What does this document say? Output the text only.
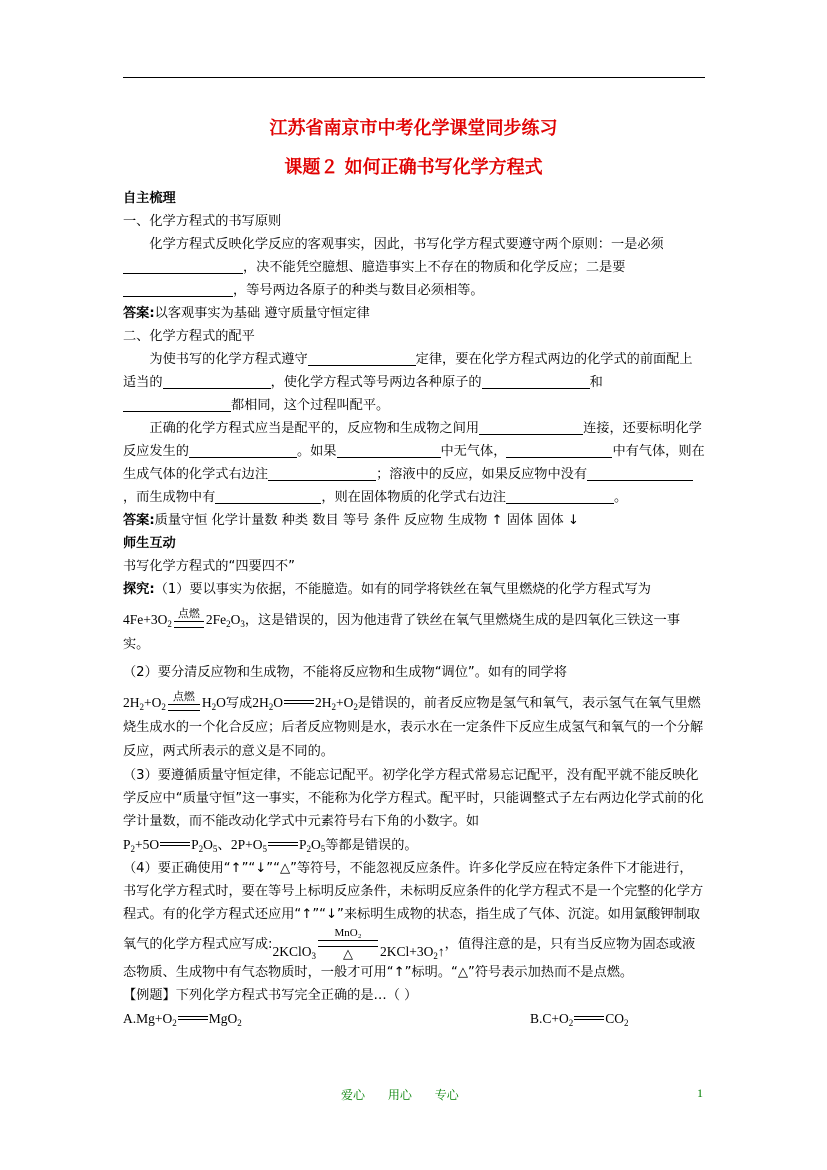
江苏省南京市中考化学课堂同步练习
课题２ 如何正确书写化学方程式

自主梳理

一、化学方程式的书写原则

化学方程式反映化学反应的客观事实，因此，书写化学方程式要遵守两个原则：一是必须，决不能凭空臆想、臆造事实上不存在的物质和化学反应；二是要，等号两边各原子的种类与数目必须相等。

答案:以客观事实为基础 遵守质量守恒定律

二、化学方程式的配平

为使书写的化学方程式遵守	定律，要在化学方程式两边的化学式的前面配上适当的	，使化学方程式等号两边各种原子的	和
都相同，这个过程叫配平。

正确的化学方程式应当是配平的，反应物和生成物之间用	连接，还要标明化学反应发生的	。如果	中无气体，	中有气体，则在生成气体的化学式右边注	；溶液中的反应，如果反应物中没有，而生成物中有	，则在固体物质的化学式右边注	。

答案:质量守恒 化学计量数 种类 数目 等号 条件 反应物 生成物 ↑ 固体 固体 ↓

师生互动

书写化学方程式的“四要四不”

探究:（1）要以事实为依据，不能臆造。如有的同学将铁丝在氧气里燃烧的化学方程式写为

$4Fe+3O_2$
点燃 $2Fe_2O_3$，这是错误的，因为他违背了铁丝在氧气里燃烧生成的是四氧化三铁这一事实。

（2）要分清反应物和生成物，不能将反应物和生成物“调位”。如有的同学将

$2H_2+O_2$
点燃 $H_2O$写成$2H_2O$ $2H_2+O_2$是错误的，前者反应物是氢气和氧气，表示氢气在氧气里燃烧生成水的一个化合反应；后者反应物则是水，表示水在一定条件下反应生成氢气和氧气的一个分解反应，两式所表示的意义是不同的。

（3）要遵循质量守恒定律，不能忘记配平。初学化学方程式常易忘记配平，没有配平就不能反映化学反应中“质量守恒”这一事实，不能称为化学方程式。配平时，只能调整式子左右两边化学式前的化学计量数，而不能改动化学式中元素符号右下角的小数字。如
$P_2+5O$ $P_2O_5$、$2P+O_5$ $P_2O_5$等都是错误的。

（4）要正确使用“↑”“↓”“△”等符号，不能忽视反应条件。许多化学反应在特定条件下才能进行，书写化学方程式时，要在等号上标明反应条件，未标明反应条件的化学方程式不是一个完整的化学方程式。有的化学方程式还应用“↑”“↓”来标明生成物的状态，指生成了气体、沉淀。如用氯酸钾制取氧气的化学方程式应写成:2KClO$_3$
MnO₂
△	$2KCl+3O_2↑$，值得注意的是，只有当反应物为固态或液态物质、生成物中有气态物质时，一般才可用“↑”标明。“△”符号表示加热而不是点燃。

【例题】下列化学方程式书写完全正确的是…（ ）

$A.Mg+O_2$ MgO$_2$	$B.C+O_2$ $CO_2$
爱心      用心      专心	1
